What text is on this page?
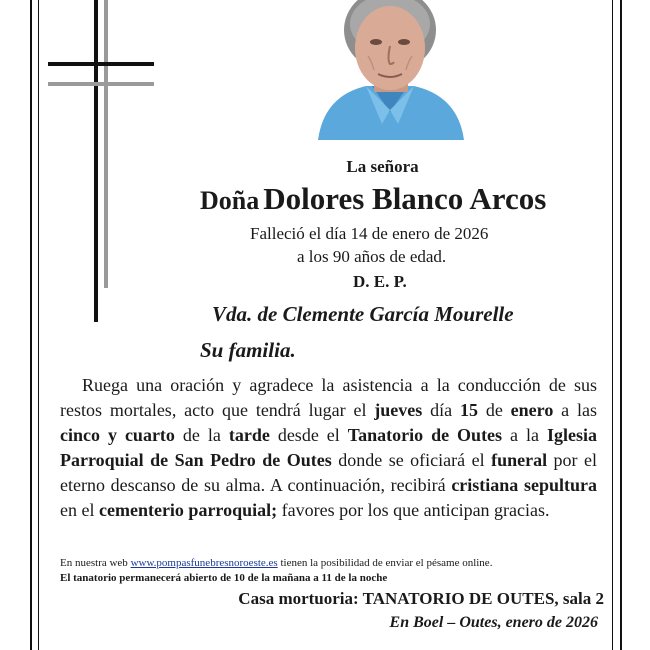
La señora
Doña Dolores Blanco Arcos
Falleció el día 14 de enero de 2026
a los 90 años de edad.
D. E. P.
Vda. de Clemente García Mourelle
Su familia.
Ruega una oración y agradece la asistencia a la conducción de sus restos mortales, acto que tendrá lugar el jueves día 15 de enero a las cinco y cuarto de la tarde desde el Tanatorio de Outes a la Iglesia Parroquial de San Pedro de Outes donde se oficiará el funeral por el eterno descanso de su alma. A continuación, recibirá cristiana sepultura en el cementerio parroquial; favores por los que anticipan gracias.
En nuestra web www.pompasfunebresnoroeste.es tienen la posibilidad de enviar el pésame online.
El tanatorio permanecerá abierto de 10 de la mañana a 11 de la noche
Casa mortuoria: TANATORIO DE OUTES, sala 2
En Boel – Outes, enero de 2026
